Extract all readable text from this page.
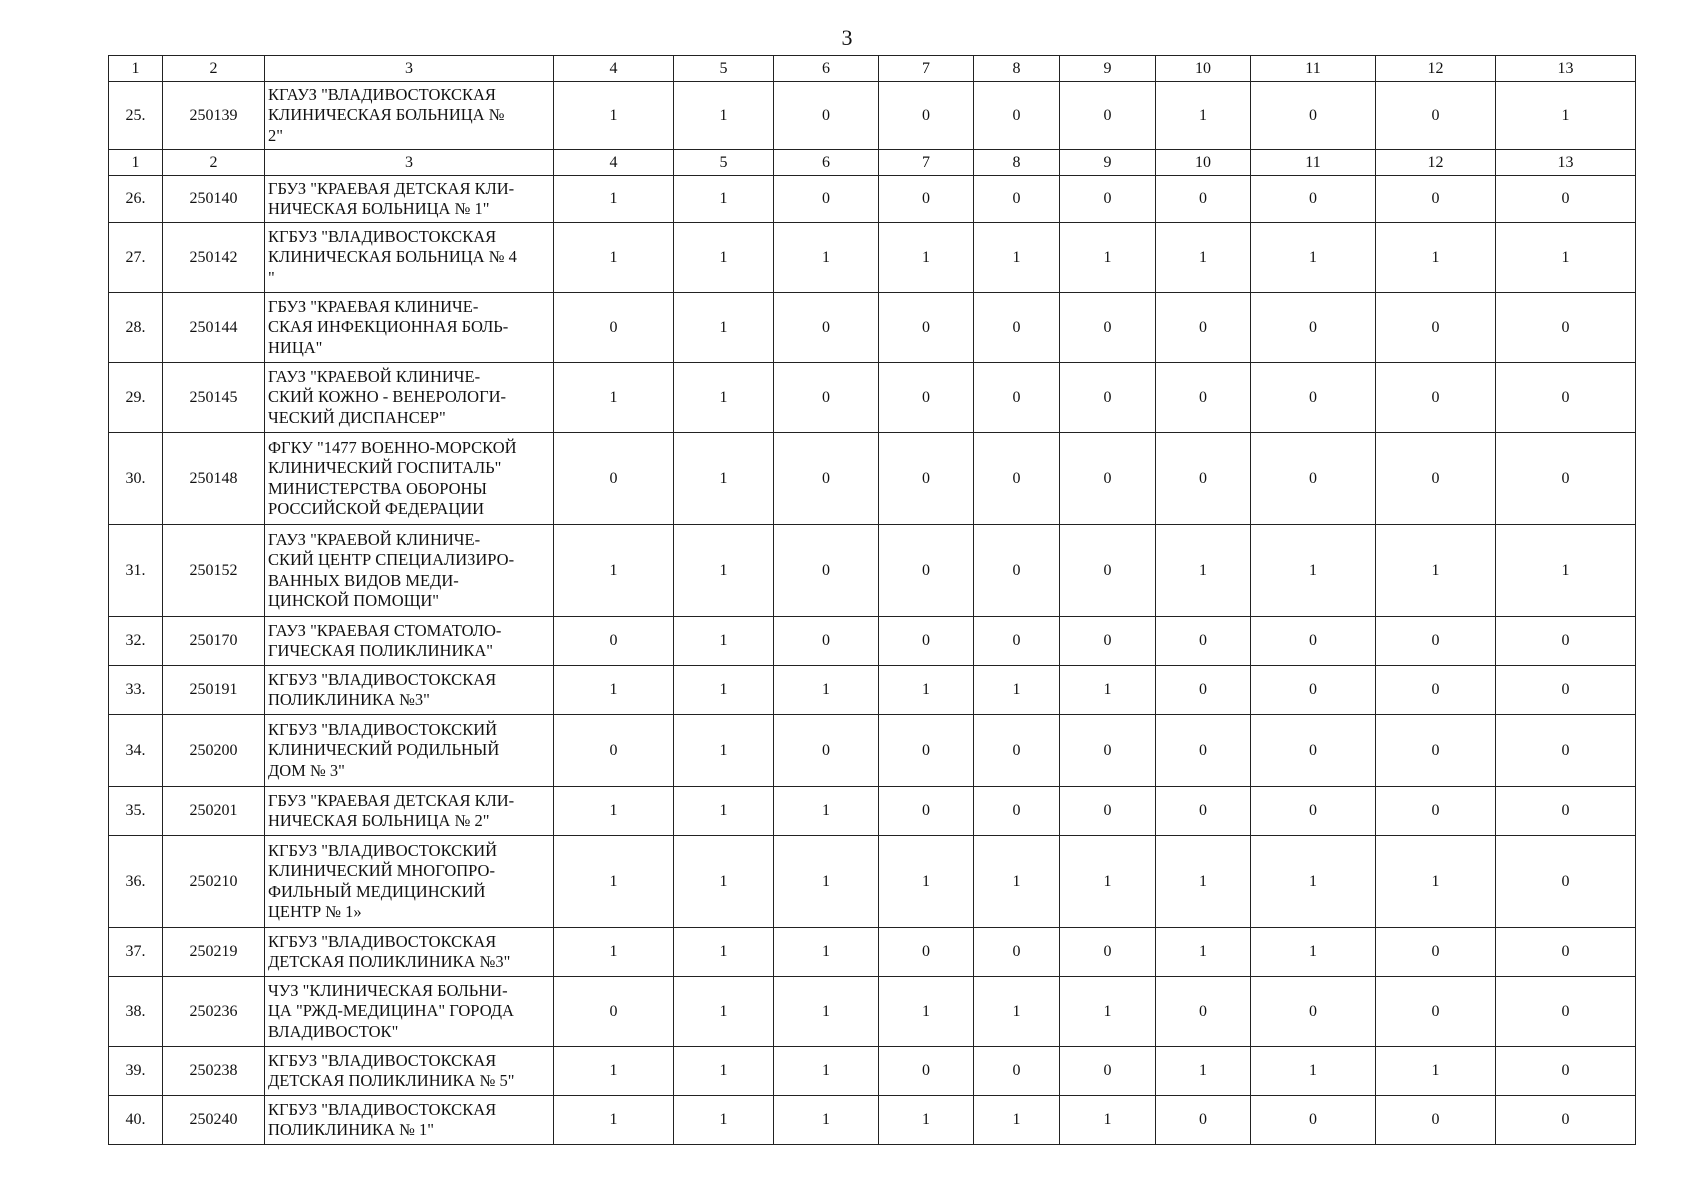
3
1	2	3	4	5	6	7	8	9	10	11	12	13
25.	250139	КГАУЗ "ВЛАДИВОСТОКСКАЯ
КЛИНИЧЕСКАЯ БОЛЬНИЦА №
2"	1	1	0	0	0	0	1	0	0	1
1	2	3	4	5	6	7	8	9	10	11	12	13
26.	250140	ГБУЗ "КРАЕВАЯ ДЕТСКАЯ КЛИ-
НИЧЕСКАЯ БОЛЬНИЦА № 1"	1	1	0	0	0	0	0	0	0	0
27.	250142	КГБУЗ "ВЛАДИВОСТОКСКАЯ
КЛИНИЧЕСКАЯ БОЛЬНИЦА № 4
"	1	1	1	1	1	1	1	1	1	1
28.	250144	ГБУЗ "КРАЕВАЯ КЛИНИЧЕ-
СКАЯ ИНФЕКЦИОННАЯ БОЛЬ-
НИЦА"	0	1	0	0	0	0	0	0	0	0
29.	250145	ГАУЗ "КРАЕВОЙ КЛИНИЧЕ-
СКИЙ КОЖНО - ВЕНЕРОЛОГИ-
ЧЕСКИЙ ДИСПАНСЕР"	1	1	0	0	0	0	0	0	0	0
30.	250148	ФГКУ "1477 ВОЕННО-МОРСКОЙ
КЛИНИЧЕСКИЙ ГОСПИТАЛЬ"
МИНИСТЕРСТВА ОБОРОНЫ
РОССИЙСКОЙ ФЕДЕРАЦИИ	0	1	0	0	0	0	0	0	0	0
31.	250152	ГАУЗ "КРАЕВОЙ КЛИНИЧЕ-
СКИЙ ЦЕНТР СПЕЦИАЛИЗИРО-
ВАННЫХ ВИДОВ МЕДИ-
ЦИНСКОЙ ПОМОЩИ"	1	1	0	0	0	0	1	1	1	1
32.	250170	ГАУЗ "КРАЕВАЯ СТОМАТОЛО-
ГИЧЕСКАЯ ПОЛИКЛИНИКА"	0	1	0	0	0	0	0	0	0	0
33.	250191	КГБУЗ "ВЛАДИВОСТОКСКАЯ
ПОЛИКЛИНИКА №3"	1	1	1	1	1	1	0	0	0	0
34.	250200	КГБУЗ "ВЛАДИВОСТОКСКИЙ
КЛИНИЧЕСКИЙ РОДИЛЬНЫЙ
ДОМ № 3"	0	1	0	0	0	0	0	0	0	0
35.	250201	ГБУЗ "КРАЕВАЯ ДЕТСКАЯ КЛИ-
НИЧЕСКАЯ БОЛЬНИЦА № 2"	1	1	1	0	0	0	0	0	0	0
36.	250210	КГБУЗ "ВЛАДИВОСТОКСКИЙ
КЛИНИЧЕСКИЙ МНОГОПРО-
ФИЛЬНЫЙ МЕДИЦИНСКИЙ
ЦЕНТР № 1»	1	1	1	1	1	1	1	1	1	0
37.	250219	КГБУЗ "ВЛАДИВОСТОКСКАЯ
ДЕТСКАЯ ПОЛИКЛИНИКА №3"	1	1	1	0	0	0	1	1	0	0
38.	250236	ЧУЗ "КЛИНИЧЕСКАЯ БОЛЬНИ-
ЦА "РЖД-МЕДИЦИНА" ГОРОДА
ВЛАДИВОСТОК"	0	1	1	1	1	1	0	0	0	0
39.	250238	КГБУЗ "ВЛАДИВОСТОКСКАЯ
ДЕТСКАЯ ПОЛИКЛИНИКА № 5"	1	1	1	0	0	0	1	1	1	0
40.	250240	КГБУЗ "ВЛАДИВОСТОКСКАЯ
ПОЛИКЛИНИКА № 1"	1	1	1	1	1	1	0	0	0	0
